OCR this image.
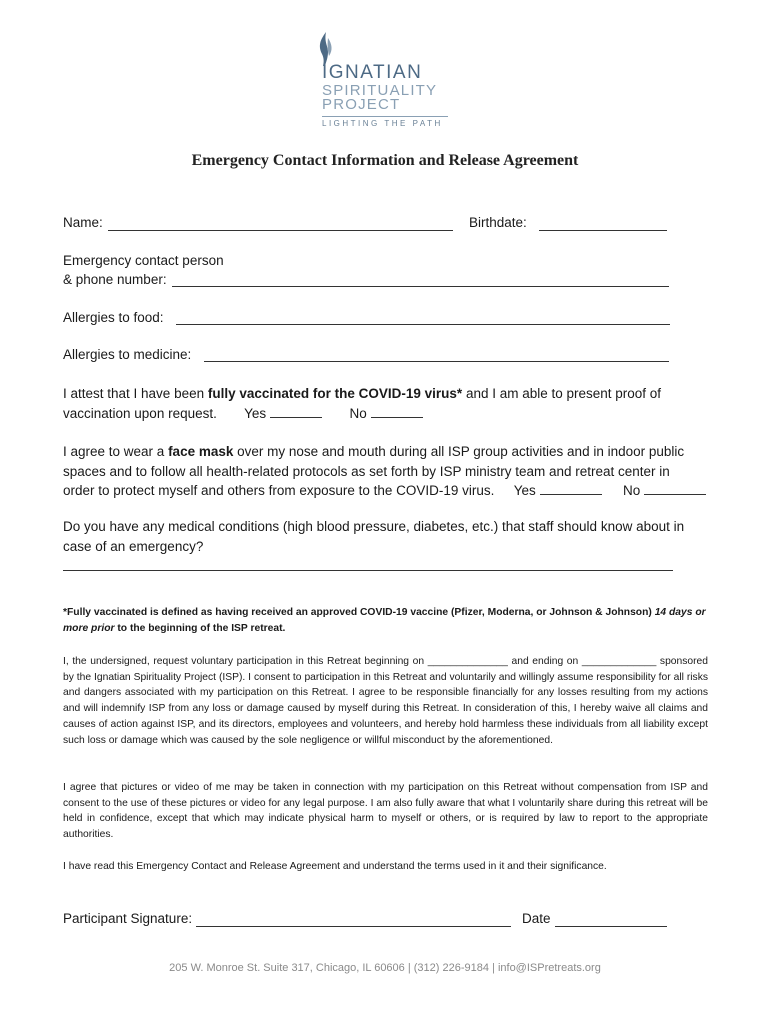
IGNATIAN
SPIRITUALITY
PROJECT
LIGHTING THE PATH
Emergency Contact Information and Release Agreement
Name:	Birthdate:
Emergency contact person
& phone number:
Allergies to food:
Allergies to medicine:
I attest that I have been fully vaccinated for the COVID-19 virus* and I am able to present proof of
vaccination upon request. Yes	No
I agree to wear a face mask over my nose and mouth during all ISP group activities and in indoor public
spaces and to follow all health-related protocols as set forth by ISP ministry team and retreat center in
order to protect myself and others from exposure to the COVID-19 virus. Yes	No
Do you have any medical conditions (high blood pressure, diabetes, etc.) that staff should know about in
case of an emergency?
*Fully vaccinated is defined as having received an approved COVID-19 vaccine (Pfizer, Moderna, or Johnson & Johnson) 14 days or more prior to the beginning of the ISP retreat.
I, the undersigned, request voluntary participation in this Retreat beginning on ______________ and ending on _____________ sponsored by the Ignatian Spirituality Project (ISP). I consent to participation in this Retreat and voluntarily and willingly assume responsibility for all risks and dangers associated with my participation on this Retreat. I agree to be responsible financially for any losses resulting from my actions and will indemnify ISP from any loss or damage caused by myself during this Retreat. In consideration of this, I hereby waive all claims and causes of action against ISP, and its directors, employees and volunteers, and hereby hold harmless these individuals from all liability except such loss or damage which was caused by the sole negligence or willful misconduct by the aforementioned.
I agree that pictures or video of me may be taken in connection with my participation on this Retreat without compensation from ISP and consent to the use of these pictures or video for any legal purpose. I am also fully aware that what I voluntarily share during this retreat will be held in confidence, except that which may indicate physical harm to myself or others, or is required by law to report to the appropriate authorities.
I have read this Emergency Contact and Release Agreement and understand the terms used in it and their significance.
Participant Signature:	Date
205 W. Monroe St. Suite 317, Chicago, IL 60606 | (312) 226-9184 | info@ISPretreats.org
